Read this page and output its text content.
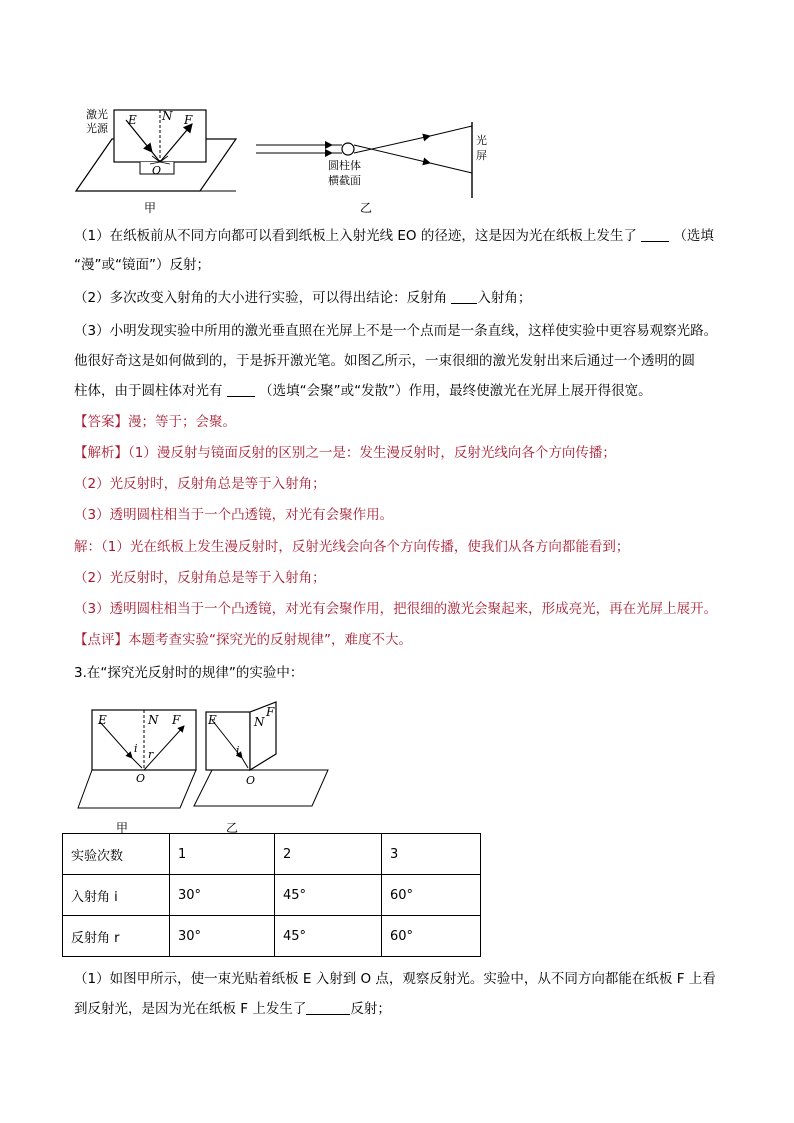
激光
光源
E N F
O
甲
圆柱体
横截面
光
屏
乙
（1）在纸板前从不同方向都可以看到纸板上入射光线 EO 的径迹，这是因为光在纸板上发生了	（选填
“漫”或“镜面”）反射；
（2）多次改变入射角的大小进行实验，可以得出结论：反射角 入射角；
（3）小明发现实验中所用的激光垂直照在光屏上不是一个点而是一条直线，这样使实验中更容易观察光路。
他很好奇这是如何做到的，于是拆开激光笔。如图乙所示，一束很细的激光发射出来后通过一个透明的圆
柱体，由于圆柱体对光有	（选填“会聚”或“发散”）作用，最终使激光在光屏上展开得很宽。
【答案】漫；等于；会聚。
【解析】（1）漫反射与镜面反射的区别之一是：发生漫反射时，反射光线向各个方向传播；
（2）光反射时，反射角总是等于入射角；
（3）透明圆柱相当于一个凸透镜，对光有会聚作用。
解：（1）光在纸板上发生漫反射时，反射光线会向各个方向传播，使我们从各方向都能看到；
（2）光反射时，反射角总是等于入射角；
（3）透明圆柱相当于一个凸透镜，对光有会聚作用，把很细的激光会聚起来，形成亮光，再在光屏上展开。
【点评】本题考查实验“探究光的反射规律”，难度不大。
3.在“探究光反射时的规律”的实验中：
E	N F
i r
O
甲
E	N
F
i
O
乙
实验次数	1	2	3
入射角 i	30°	45°	60°
反射角 r	30°	45°	60°
（1）如图甲所示，使一束光贴着纸板 E 入射到 O 点，观察反射光。实验中，从不同方向都能在纸板 F 上看
到反射光，是因为光在纸板 F 上发生了	反射；
